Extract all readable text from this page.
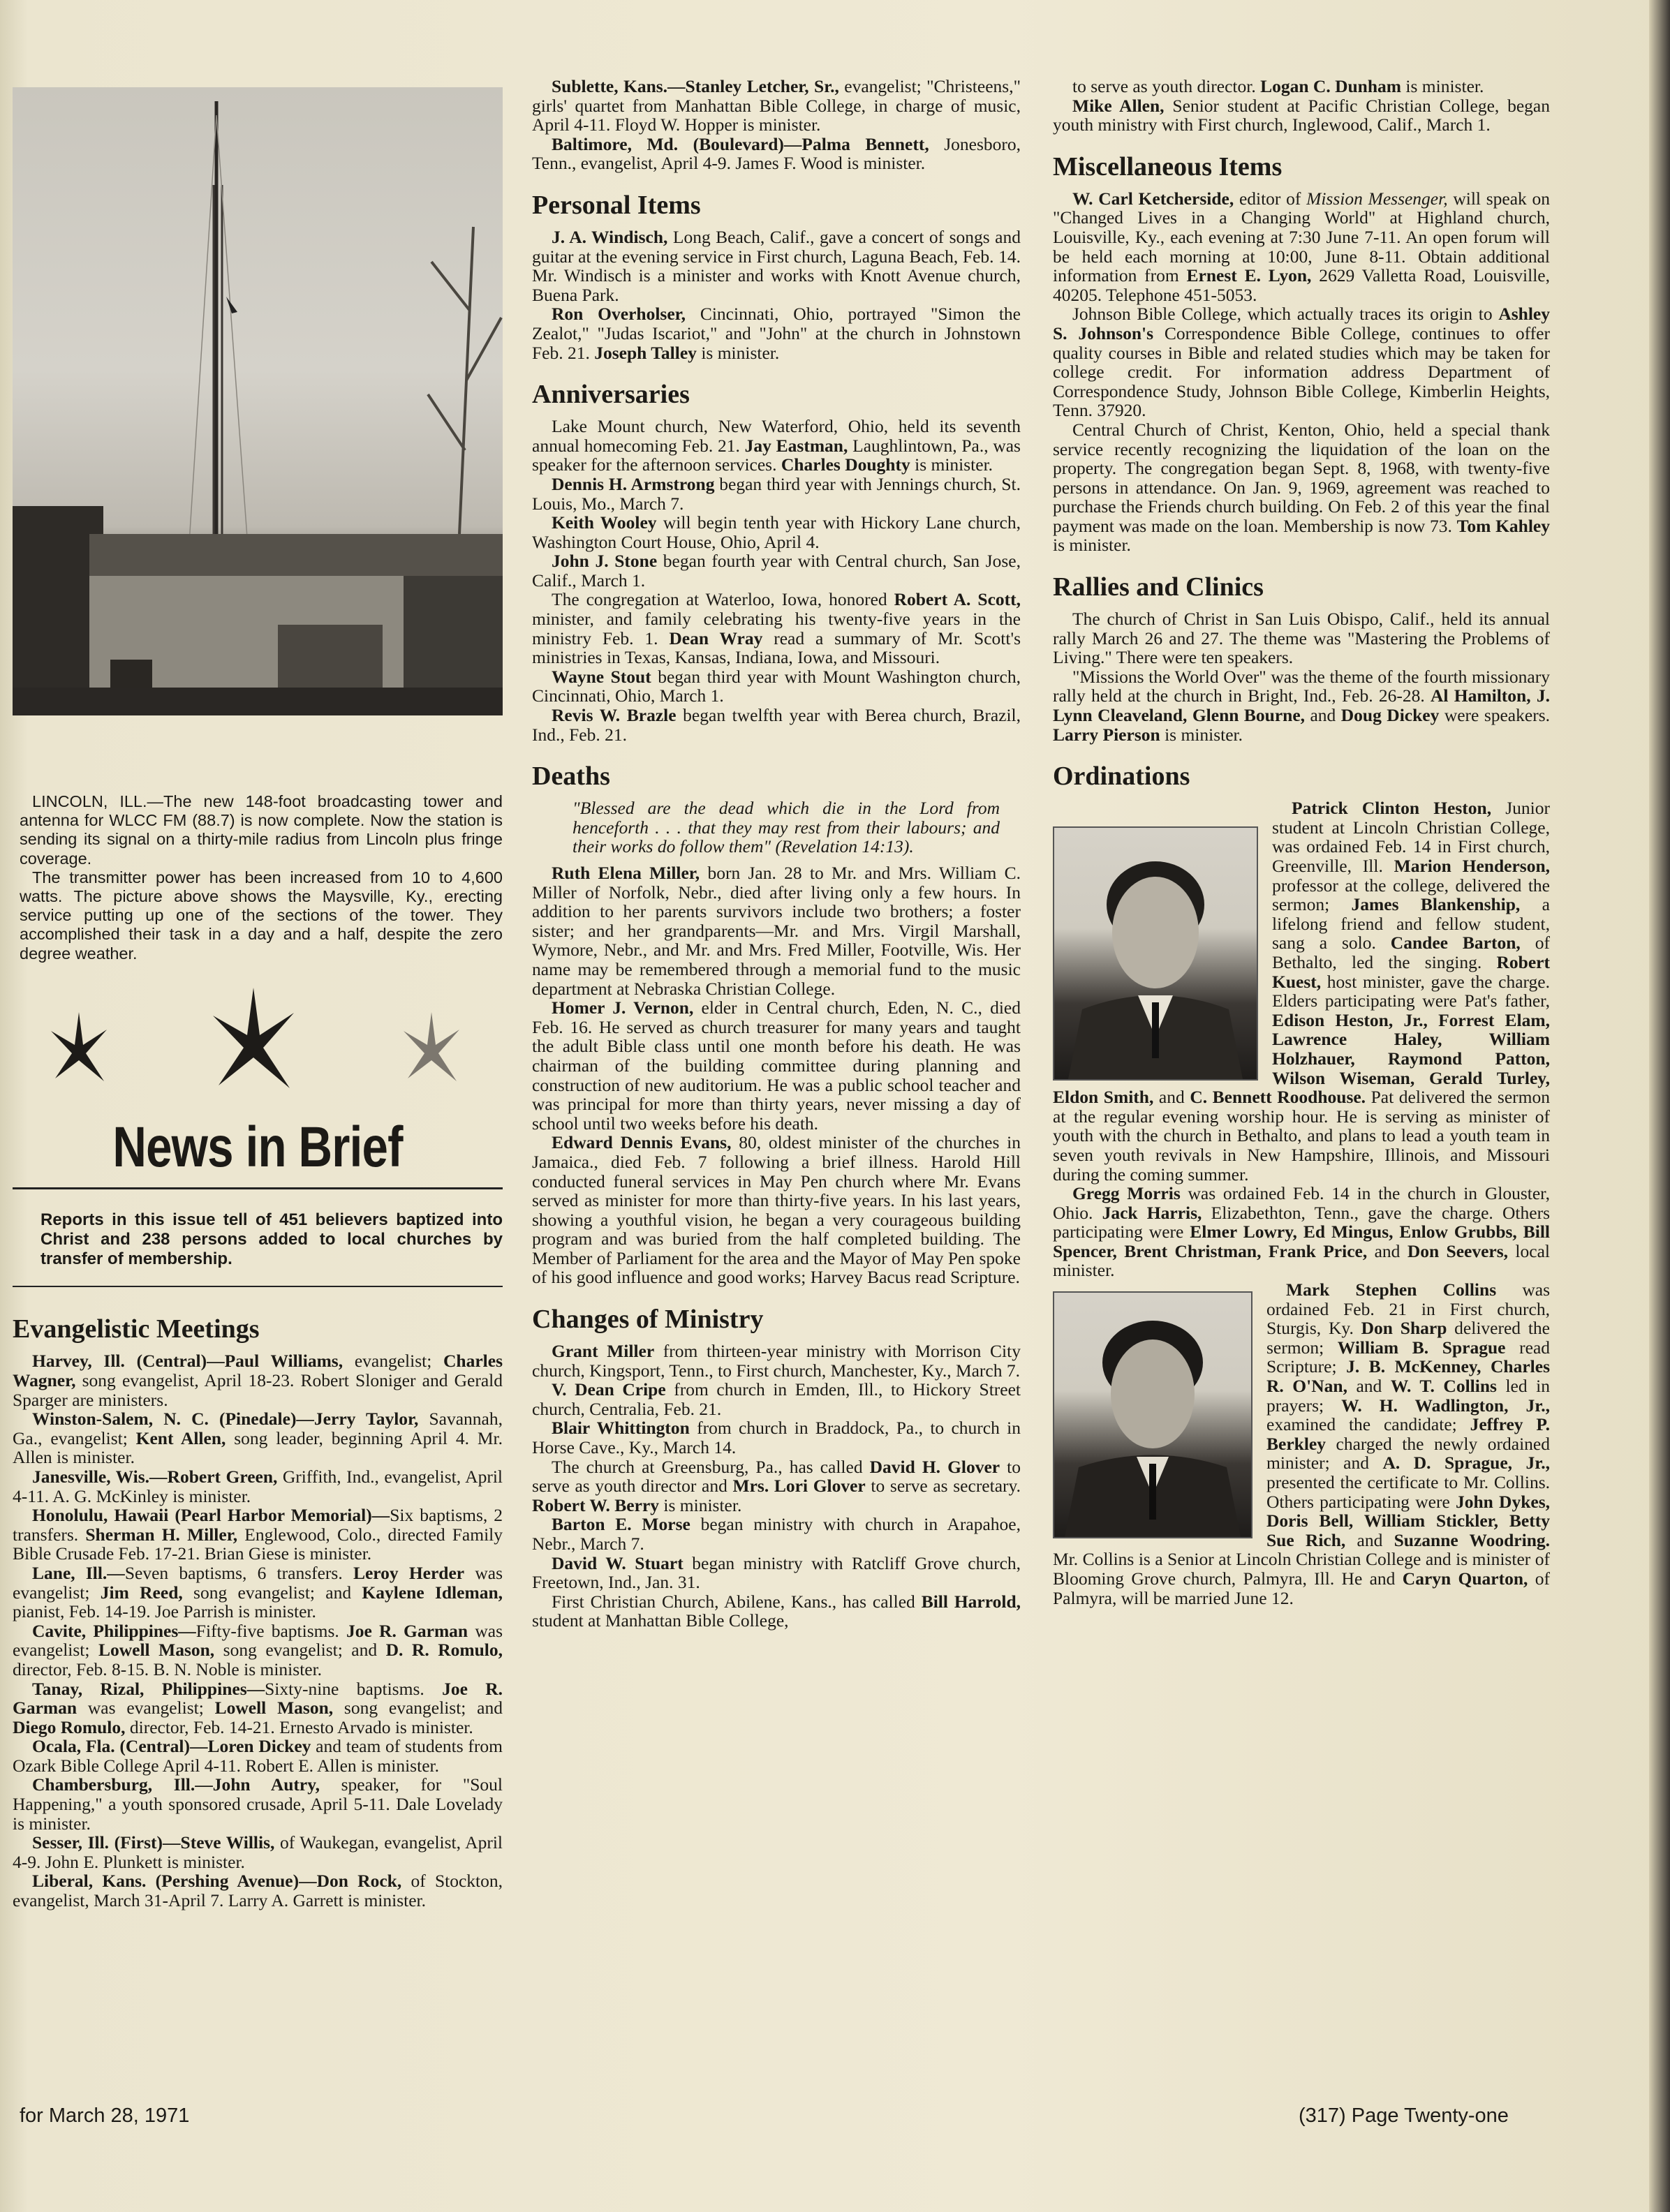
LINCOLN, ILL.—The new 148-foot broadcasting tower and antenna for WLCC FM (88.7) is now complete. Now the station is sending its signal on a thirty-mile radius from Lincoln plus fringe coverage.

The transmitter power has been increased from 10 to 4,600 watts. The picture above shows the Maysville, Ky., erecting service putting up one of the sections of the tower. They accomplished their task in a day and a half, despite the zero degree weather.

News in Brief
Reports in this issue tell of 451 believers baptized into Christ and 238 persons added to local churches by transfer of membership.
Evangelistic Meetings

Harvey, Ill. (Central)—Paul Williams, evangelist; Charles Wagner, song evangelist, April 18-23. Robert Sloniger and Gerald Sparger are ministers.

Winston-Salem, N. C. (Pinedale)—Jerry Taylor, Savannah, Ga., evangelist; Kent Allen, song leader, beginning April 4. Mr. Allen is minister.

Janesville, Wis.—Robert Green, Griffith, Ind., evangelist, April 4-11. A. G. McKinley is minister.

Honolulu, Hawaii (Pearl Harbor Memorial)—Six baptisms, 2 transfers. Sherman H. Miller, Englewood, Colo., directed Family Bible Crusade Feb. 17-21. Brian Giese is minister.

Lane, Ill.—Seven baptisms, 6 transfers. Leroy Herder was evangelist; Jim Reed, song evangelist; and Kaylene Idleman, pianist, Feb. 14-19. Joe Parrish is minister.

Cavite, Philippines—Fifty-five baptisms. Joe R. Garman was evangelist; Lowell Mason, song evangelist; and D. R. Romulo, director, Feb. 8-15. B. N. Noble is minister.

Tanay, Rizal, Philippines—Sixty-nine baptisms. Joe R. Garman was evangelist; Lowell Mason, song evangelist; and Diego Romulo, director, Feb. 14-21. Ernesto Arvado is minister.

Ocala, Fla. (Central)—Loren Dickey and team of students from Ozark Bible College April 4-11. Robert E. Allen is minister.

Chambersburg, Ill.—John Autry, speaker, for "Soul Happening," a youth sponsored crusade, April 5-11. Dale Lovelady is minister.

Sesser, Ill. (First)—Steve Willis, of Waukegan, evangelist, April 4-9. John E. Plunkett is minister.

Liberal, Kans. (Pershing Avenue)—Don Rock, of Stockton, evangelist, March 31-April 7. Larry A. Garrett is minister.

Sublette, Kans.—Stanley Letcher, Sr., evangelist; "Christeens," girls' quartet from Manhattan Bible College, in charge of music, April 4-11. Floyd W. Hopper is minister.

Baltimore, Md. (Boulevard)—Palma Bennett, Jonesboro, Tenn., evangelist, April 4-9. James F. Wood is minister.

Personal Items

J. A. Windisch, Long Beach, Calif., gave a concert of songs and guitar at the evening service in First church, Laguna Beach, Feb. 14. Mr. Windisch is a minister and works with Knott Avenue church, Buena Park.

Ron Overholser, Cincinnati, Ohio, portrayed "Simon the Zealot," "Judas Iscariot," and "John" at the church in Johnstown Feb. 21. Joseph Talley is minister.

Anniversaries

Lake Mount church, New Waterford, Ohio, held its seventh annual homecoming Feb. 21. Jay Eastman, Laughlintown, Pa., was speaker for the afternoon services. Charles Doughty is minister.

Dennis H. Armstrong began third year with Jennings church, St. Louis, Mo., March 7.

Keith Wooley will begin tenth year with Hickory Lane church, Washington Court House, Ohio, April 4.

John J. Stone began fourth year with Central church, San Jose, Calif., March 1.

The congregation at Waterloo, Iowa, honored Robert A. Scott, minister, and family celebrating his twenty-five years in the ministry Feb. 1. Dean Wray read a summary of Mr. Scott's ministries in Texas, Kansas, Indiana, Iowa, and Missouri.

Wayne Stout began third year with Mount Washington church, Cincinnati, Ohio, March 1.

Revis W. Brazle began twelfth year with Berea church, Brazil, Ind., Feb. 21.

Deaths

"Blessed are the dead which die in the Lord from henceforth . . . that they may rest from their labours; and their works do follow them" (Revelation 14:13).

Ruth Elena Miller, born Jan. 28 to Mr. and Mrs. William C. Miller of Norfolk, Nebr., died after living only a few hours. In addition to her parents survivors include two brothers; a foster sister; and her grandparents—Mr. and Mrs. Virgil Marshall, Wymore, Nebr., and Mr. and Mrs. Fred Miller, Footville, Wis. Her name may be remembered through a memorial fund to the music department at Nebraska Christian College.

Homer J. Vernon, elder in Central church, Eden, N. C., died Feb. 16. He served as church treasurer for many years and taught the adult Bible class until one month before his death. He was chairman of the building committee during planning and construction of new auditorium. He was a public school teacher and was principal for more than thirty years, never missing a day of school until two weeks before his death.

Edward Dennis Evans, 80, oldest minister of the churches in Jamaica., died Feb. 7 following a brief illness. Harold Hill conducted funeral services in May Pen church where Mr. Evans served as minister for more than thirty-five years. In his last years, showing a youthful vision, he began a very courageous building program and was buried from the half completed building. The Member of Parliament for the area and the Mayor of May Pen spoke of his good influence and good works; Harvey Bacus read Scripture.

Changes of Ministry

Grant Miller from thirteen-year ministry with Morrison City church, Kingsport, Tenn., to First church, Manchester, Ky., March 7.

V. Dean Cripe from church in Emden, Ill., to Hickory Street church, Centralia, Feb. 21.

Blair Whittington from church in Braddock, Pa., to church in Horse Cave., Ky., March 14.

The church at Greensburg, Pa., has called David H. Glover to serve as youth director and Mrs. Lori Glover to serve as secretary. Robert W. Berry is minister.

Barton E. Morse began ministry with church in Arapahoe, Nebr., March 7.

David W. Stuart began ministry with Ratcliff Grove church, Freetown, Ind., Jan. 31.

First Christian Church, Abilene, Kans., has called Bill Harrold, student at Manhattan Bible College,

to serve as youth director. Logan C. Dunham is minister.

Mike Allen, Senior student at Pacific Christian College, began youth ministry with First church, Inglewood, Calif., March 1.

Miscellaneous Items

W. Carl Ketcherside, editor of Mission Messenger, will speak on "Changed Lives in a Changing World" at Highland church, Louisville, Ky., each evening at 7:30 June 7-11. An open forum will be held each morning at 10:00, June 8-11. Obtain additional information from Ernest E. Lyon, 2629 Valletta Road, Louisville, 40205. Telephone 451-5053.

Johnson Bible College, which actually traces its origin to Ashley S. Johnson's Correspondence Bible College, continues to offer quality courses in Bible and related studies which may be taken for college credit. For information address Department of Correspondence Study, Johnson Bible College, Kimberlin Heights, Tenn. 37920.

Central Church of Christ, Kenton, Ohio, held a special thank service recently recognizing the liquidation of the loan on the property. The congregation began Sept. 8, 1968, with twenty-five persons in attendance. On Jan. 9, 1969, agreement was reached to purchase the Friends church building. On Feb. 2 of this year the final payment was made on the loan. Membership is now 73. Tom Kahley is minister.

Rallies and Clinics

The church of Christ in San Luis Obispo, Calif., held its annual rally March 26 and 27. The theme was "Mastering the Problems of Living." There were ten speakers.

"Missions the World Over" was the theme of the fourth missionary rally held at the church in Bright, Ind., Feb. 26-28. Al Hamilton, J. Lynn Cleaveland, Glenn Bourne, and Doug Dickey were speakers. Larry Pierson is minister.

Ordinations

Patrick Clinton Heston, Junior student at Lincoln Christian College, was ordained Feb. 14 in First church, Greenville, Ill. Marion Henderson, professor at the college, delivered the sermon; James Blankenship, a lifelong friend and fellow student, sang a solo. Candee Barton, of Bethalto, led the singing. Robert Kuest, host minister, gave the charge. Elders participating were Pat's father, Edison Heston, Jr., Forrest Elam, Lawrence Haley, William Holzhauer, Raymond Patton, Wilson Wiseman, Gerald Turley, Eldon Smith, and C. Bennett Roodhouse. Pat delivered the sermon at the regular evening worship hour. He is serving as minister of youth with the church in Bethalto, and plans to lead a youth team in seven youth revivals in New Hampshire, Illinois, and Missouri during the coming summer.

Gregg Morris was ordained Feb. 14 in the church in Glouster, Ohio. Jack Harris, Elizabethton, Tenn., gave the charge. Others participating were Elmer Lowry, Ed Mingus, Enlow Grubbs, Bill Spencer, Brent Christman, Frank Price, and Don Seevers, local minister.

Mark Stephen Collins was ordained Feb. 21 in First church, Sturgis, Ky. Don Sharp delivered the sermon; William B. Sprague read Scripture; J. B. McKenney, Charles R. O'Nan, and W. T. Collins led in prayers; W. H. Wadlington, Jr., examined the candidate; Jeffrey P. Berkley charged the newly ordained minister; and A. D. Sprague, Jr., presented the certificate to Mr. Collins. Others participating were John Dykes, Doris Bell, William Stickler, Betty Sue Rich, and Suzanne Woodring. Mr. Collins is a Senior at Lincoln Christian College and is minister of Blooming Grove church, Palmyra, Ill. He and Caryn Quarton, of Palmyra, will be married June 12.

for March 28, 1971	(317) Page Twenty-one
